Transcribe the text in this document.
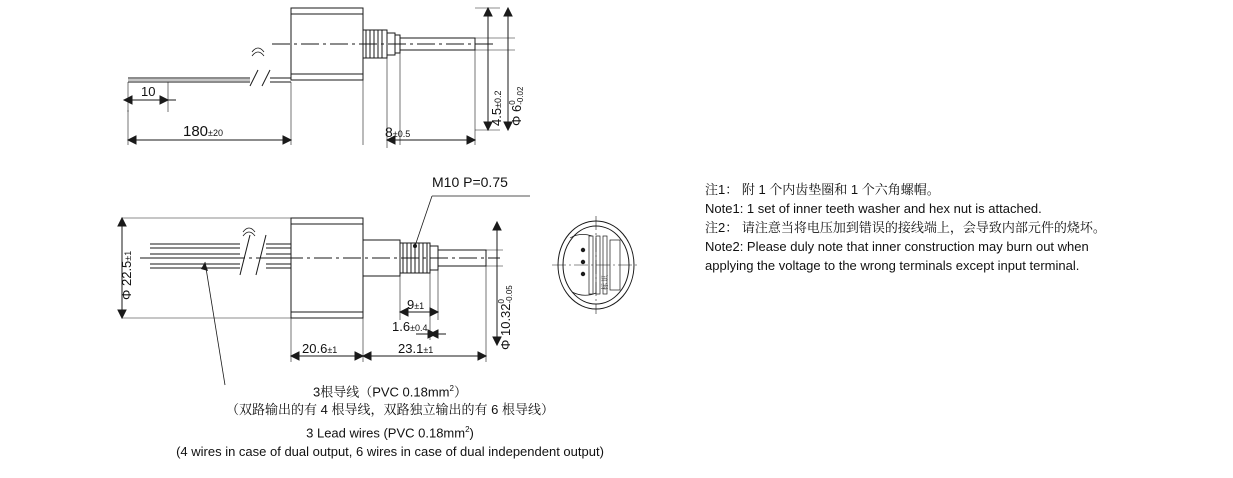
10
180±20	8±0.5
4.5±0.2
Φ 6
0 -0.02
M10 P=0.75
Φ 22.5±1
9±1
1.6±0.4
20.6±1	23.1±1	Φ 10.32
0 -0.05
标识
3根导线（PVC $0.18mm^2$）
（双路输出的有 4 根导线，双路独立输出的有 6 根导线）
3 Lead wires (PVC $0.18mm^2$)
(4 wires in case of dual output, 6 wires in case of dual independent output)
注1： 附 1 个内齿垫圈和 1 个六角螺帽。
Note1: 1 set of inner teeth washer and hex nut is attached.
注2： 请注意当将电压加到错误的接线端上，会导致内部元件的烧坏。
Note2: Please duly note that inner construction may burn out when
applying the voltage to the wrong terminals except input terminal.
